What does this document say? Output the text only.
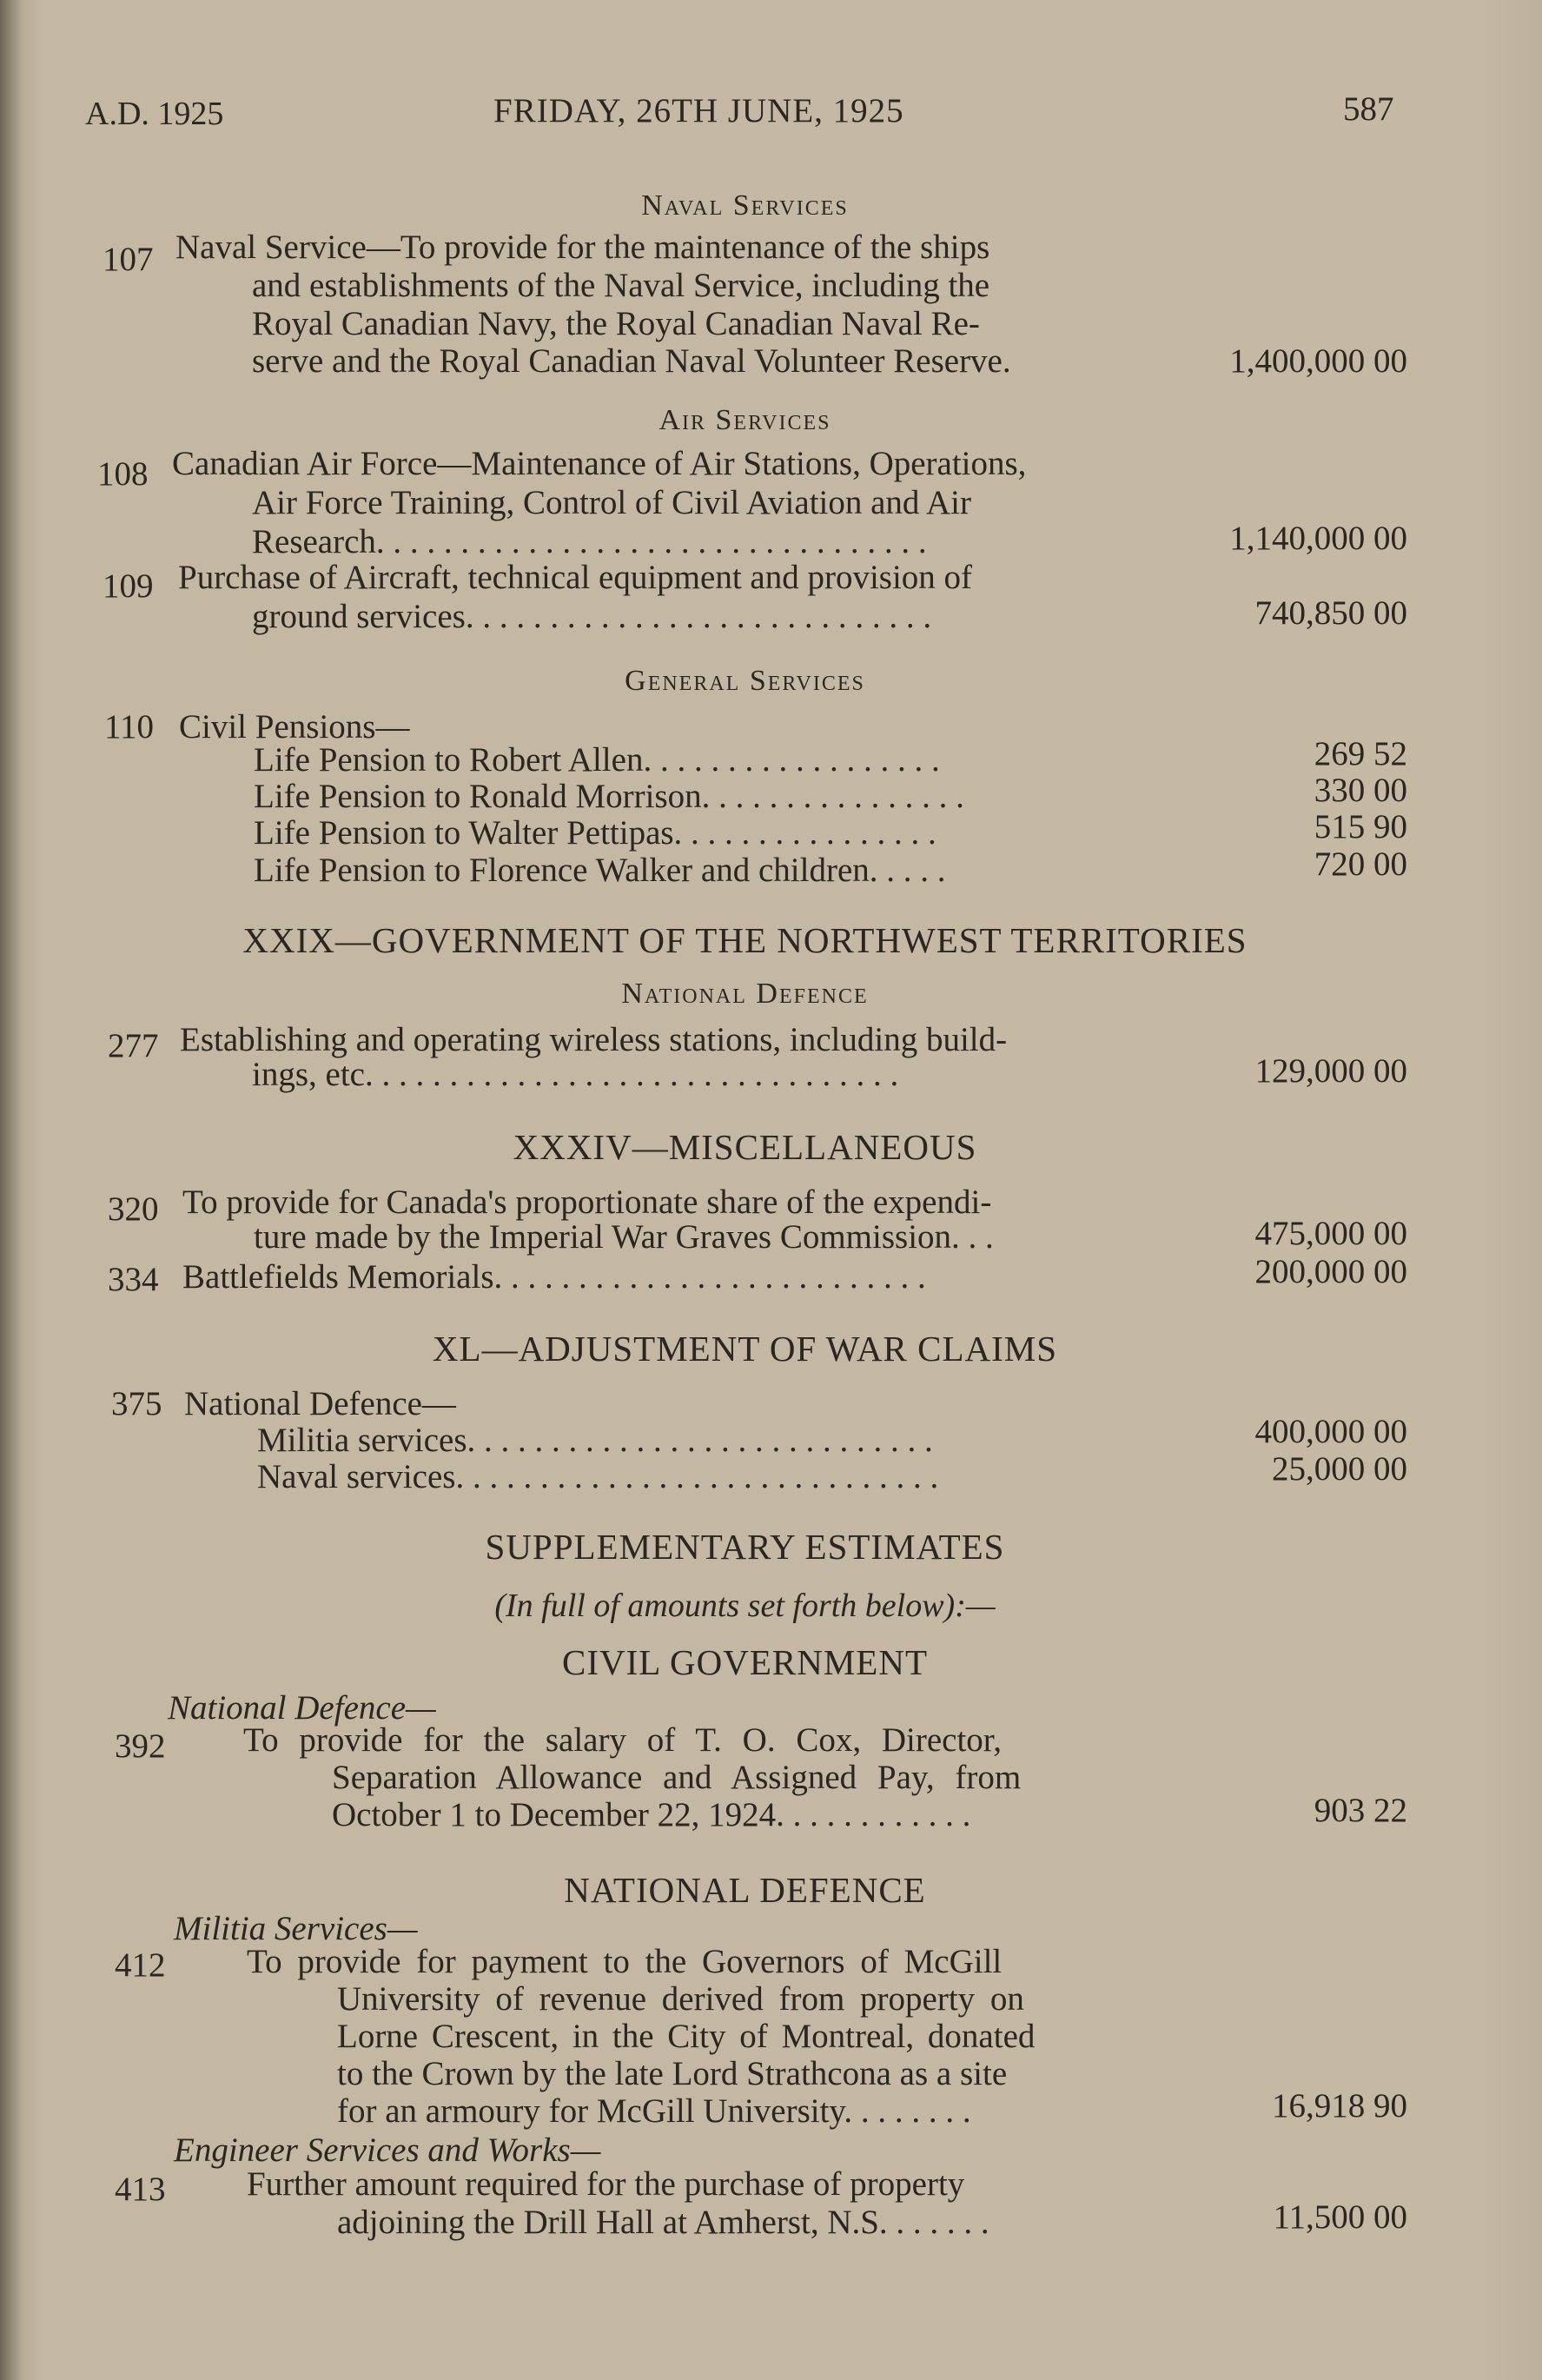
A.D. 1925	FRIDAY, 26TH JUNE, 1925	587
Naval Services
107 Naval Service—To provide for the maintenance of the ships
and establishments of the Naval Service, including the
Royal Canadian Navy, the Royal Canadian Naval Re-
serve and the Royal Canadian Naval Volunteer Reserve.	1,400,000 00
Air Services
108 Canadian Air Force—Maintenance of Air Stations, Operations,
Air Force Training, Control of Civil Aviation and Air
Research. . . . . . . . . . . . . . . . . . . . . . . . . . . . . . . . .	1,140,000 00
109 Purchase of Aircraft, technical equipment and provision of
ground services. . . . . . . . . . . . . . . . . . . . . . . . . . . .	740,850 00
General Services
110 Civil Pensions—
Life Pension to Robert Allen. . . . . . . . . . . . . . . . . .	269 52
Life Pension to Ronald Morrison. . . . . . . . . . . . . . . .	330 00
Life Pension to Walter Pettipas. . . . . . . . . . . . . . . .	515 90
Life Pension to Florence Walker and children. . . . .	720 00
XXIX—GOVERNMENT OF THE NORTHWEST TERRITORIES
National Defence
277 Establishing and operating wireless stations, including build-
ings, etc. . . . . . . . . . . . . . . . . . . . . . . . . . . . . . . .	129,000 00
XXXIV—MISCELLANEOUS
320 To provide for Canada's proportionate share of the expendi-
ture made by the Imperial War Graves Commission. . .	475,000 00
334 Battlefields Memorials. . . . . . . . . . . . . . . . . . . . . . . . . .	200,000 00
XL—ADJUSTMENT OF WAR CLAIMS
375 National Defence—
Militia services. . . . . . . . . . . . . . . . . . . . . . . . . . . .	400,000 00
Naval services. . . . . . . . . . . . . . . . . . . . . . . . . . . . .	25,000 00
SUPPLEMENTARY ESTIMATES
(In full of amounts set forth below):—
CIVIL GOVERNMENT
National Defence—
392 To provide for the salary of T. O. Cox, Director,
Separation Allowance and Assigned Pay, from
October 1 to December 22, 1924. . . . . . . . . . . .	903 22
NATIONAL DEFENCE
Militia Services—
412 To provide for payment to the Governors of McGill
University of revenue derived from property on
Lorne Crescent, in the City of Montreal, donated
to the Crown by the late Lord Strathcona as a site
for an armoury for McGill University. . . . . . . .	16,918 90
Engineer Services and Works—
413 Further amount required for the purchase of property
adjoining the Drill Hall at Amherst, N.S. . . . . . .	11,500 00
